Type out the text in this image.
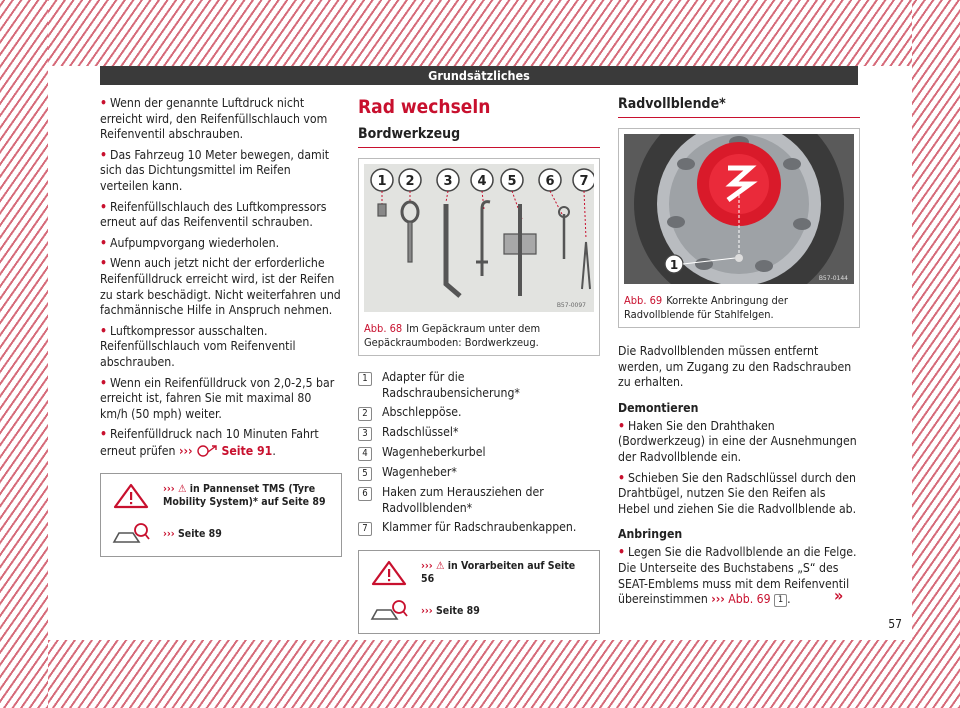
Grundsätzliches

• Wenn der genannte Luftdruck nicht erreicht wird, den Reifenfüllschlauch vom Reifenventil abschrauben.

• Das Fahrzeug 10 Meter bewegen, damit sich das Dichtungsmittel im Reifen verteilen kann.

• Reifenfüllschlauch des Luftkompressors erneut auf das Reifenventil schrauben.

• Aufpumpvorgang wiederholen.

• Wenn auch jetzt nicht der erforderliche Reifenfülldruck erreicht wird, ist der Reifen zu stark beschädigt. Nicht weiterfahren und fachmännische Hilfe in Anspruch nehmen.

• Luftkompressor ausschalten. Reifenfüllschlauch vom Reifenventil abschrauben.

• Wenn ein Reifenfülldruck von 2,0-2,5 bar erreicht ist, fahren Sie mit maximal 80 km/h (50 mph) weiter.

• Reifenfülldruck nach 10 Minuten Fahrt erneut prüfen ››› Seite 91.

››› ⚠ in Pannenset TMS (Tyre Mobility System)* auf Seite 89
››› Seite 89
Rad wechseln
Bordwerkzeug
1 2 3 4 5 6 7
B57-0097
Abb. 68 Im Gepäckraum unter dem Gepäckraumboden: Bordwerkzeug.
1	Adapter für die Radschraubensicherung*
2	Abschleppöse.
3	Radschlüssel*
4	Wagenheberkurbel
5	Wagenheber*
6	Haken zum Herausziehen der Radvollblenden*
7	Klammer für Radschraubenkappen.
››› ⚠ in Vorarbeiten auf Seite 56
››› Seite 89
Radvollblende*
1
B57-0144
Abb. 69 Korrekte Anbringung der Radvollblende für Stahlfelgen.

Die Radvollblenden müssen entfernt werden, um Zugang zu den Radschrauben zu erhalten.

Demontieren

• Haken Sie den Drahthaken (Bordwerkzeug) in eine der Ausnehmungen der Radvollblende ein.

• Schieben Sie den Radschlüssel durch den Drahtbügel, nutzen Sie den Reifen als Hebel und ziehen Sie die Radvollblende ab.

Anbringen

• Legen Sie die Radvollblende an die Felge. Die Unterseite des Buchstabens „S“ des SEAT-Emblems muss mit dem Reifenventil übereinstimmen ››› Abb. 69 1 .	»
57
